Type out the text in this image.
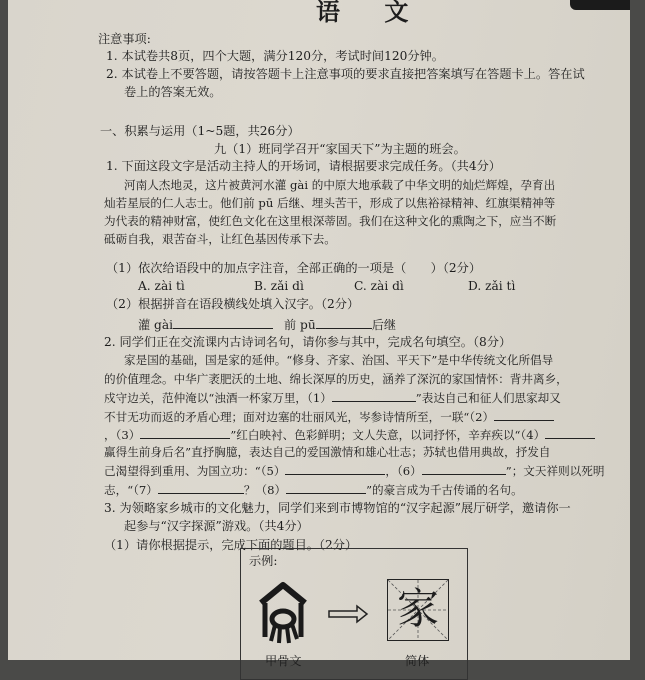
语 文
注意事项:
1. 本试卷共8页，四个大题，满分120分，考试时间120分钟。
2. 本试卷上不要答题，请按答题卡上注意事项的要求直接把答案填写在答题卡上。答在试
卷上的答案无效。
一、积累与运用（1~5题，共26分）
九（1）班同学召开“家国天下”为主题的班会。
1. 下面这段文字是活动主持人的开场词，请根据要求完成任务。（共4分）
河南人杰地灵，这片被黄河水灌 gài 的中原大地承载了中华文明的灿烂辉煌，孕育出
灿若星辰的仁人志士。他们前 pū 后继、埋头苦干，形成了以焦裕禄精神、红旗渠精神等
为代表的精神财富，使红色文化在这里根深蒂固。我们在这种文化的熏陶之下，应当不断
砥砺自我，艰苦奋斗，让红色基因传承下去。
（1）依次给语段中的加点字注音，全部正确的一项是（　　）（2分）
A. zài tì	B. zǎi dì	C. zài dì	D. zǎi tì
（2）根据拼音在语段横线处填入汉字。（2分）
灌 gài	前 pū	后继
2. 同学们正在交流课内古诗词名句，请你参与其中，完成名句填空。（8分）
家是国的基础，国是家的延伸。“修身、齐家、治国、平天下”是中华传统文化所倡导
的价值理念。中华广袤肥沃的土地、绵长深厚的历史，涵养了深沉的家国情怀：背井离乡，
戍守边关，范仲淹以“浊酒一杯家万里，（1）	”表达自己和征人们思家却又
不甘无功而返的矛盾心理；面对边塞的壮丽风光，岑参诗情所至，一联“（2）
，（3）	”红白映衬、色彩鲜明；文人失意，以词抒怀，辛弃疾以“（4）
赢得生前身后名”直抒胸臆，表达自己的爱国激情和雄心壮志；苏轼也借用典故，抒发自
己渴望得到重用、为国立功：“（5）	，（6）	”；文天祥则以死明
志，“（7）	？（8）	”的豪言成为千古传诵的名句。
3. 为领略家乡城市的文化魅力，同学们来到市博物馆的“汉字起源”展厅研学，邀请你一
起参与“汉字探源”游戏。（共4分）
（1）请你根据提示，完成下面的题目。（2分）
示例:
家
甲骨文	简体
